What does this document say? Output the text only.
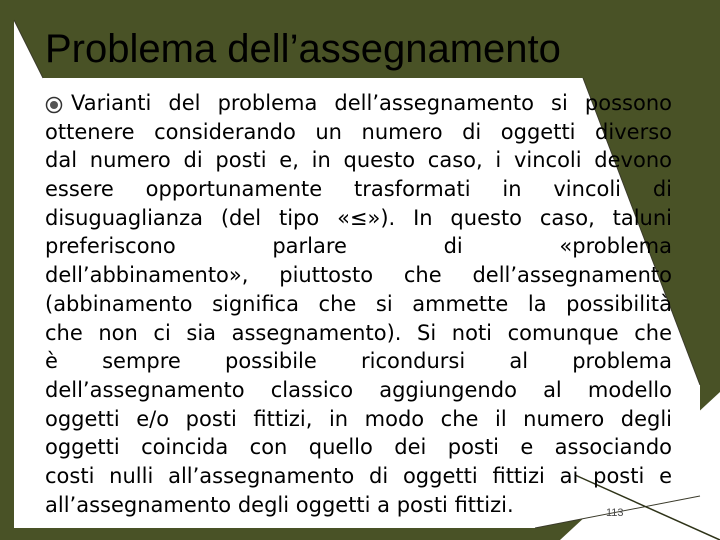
Problema dell’assegnamento
Varianti del problema dell’assegnamento si possono
ottenere considerando un numero di oggetti diverso
dal numero di posti e, in questo caso, i vincoli devono
essere opportunamente trasformati in vincoli di
disuguaglianza (del tipo «≤»). In questo caso, taluni
preferiscono parlare di «problema
dell’abbinamento», piuttosto che dell’assegnamento
(abbinamento significa che si ammette la possibilità
che non ci sia assegnamento). Si noti comunque che
è sempre possibile ricondursi al problema
dell’assegnamento classico aggiungendo al modello
oggetti e/o posti fittizi, in modo che il numero degli
oggetti coincida con quello dei posti e associando
costi nulli all’assegnamento di oggetti fittizi ai posti e
all’assegnamento degli oggetti a posti fittizi.	113
